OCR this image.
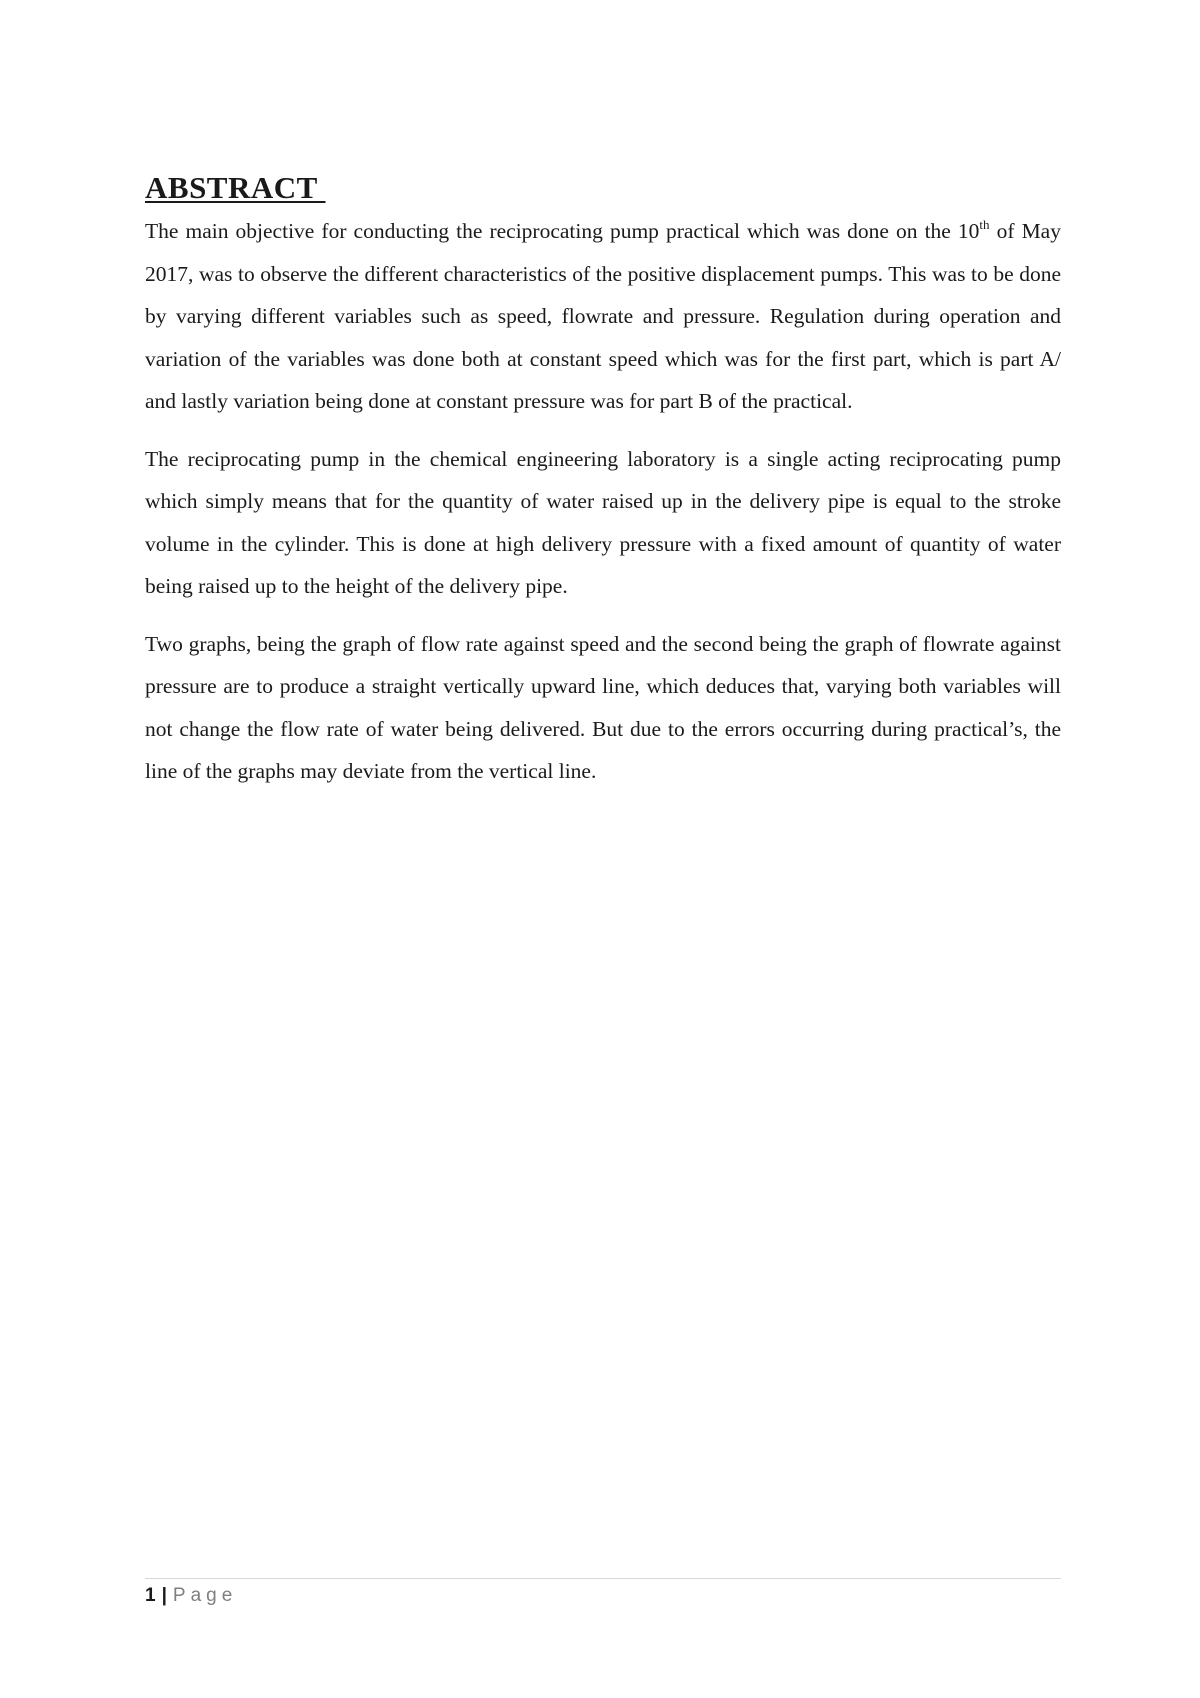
ABSTRACT

The main objective for conducting the reciprocating pump practical which was done on the 10th of May 2017, was to observe the different characteristics of the positive displacement pumps. This was to be done by varying different variables such as speed, flowrate and pressure. Regulation during operation and variation of the variables was done both at constant speed which was for the first part, which is part A/ and lastly variation being done at constant pressure was for part B of the practical.

The reciprocating pump in the chemical engineering laboratory is a single acting reciprocating pump which simply means that for the quantity of water raised up in the delivery pipe is equal to the stroke volume in the cylinder. This is done at high delivery pressure with a fixed amount of quantity of water being raised up to the height of the delivery pipe.

Two graphs, being the graph of flow rate against speed and the second being the graph of flowrate against pressure are to produce a straight vertically upward line, which deduces that, varying both variables will not change the flow rate of water being delivered. But due to the errors occurring during practical’s, the line of the graphs may deviate from the vertical line.

1 | Page
